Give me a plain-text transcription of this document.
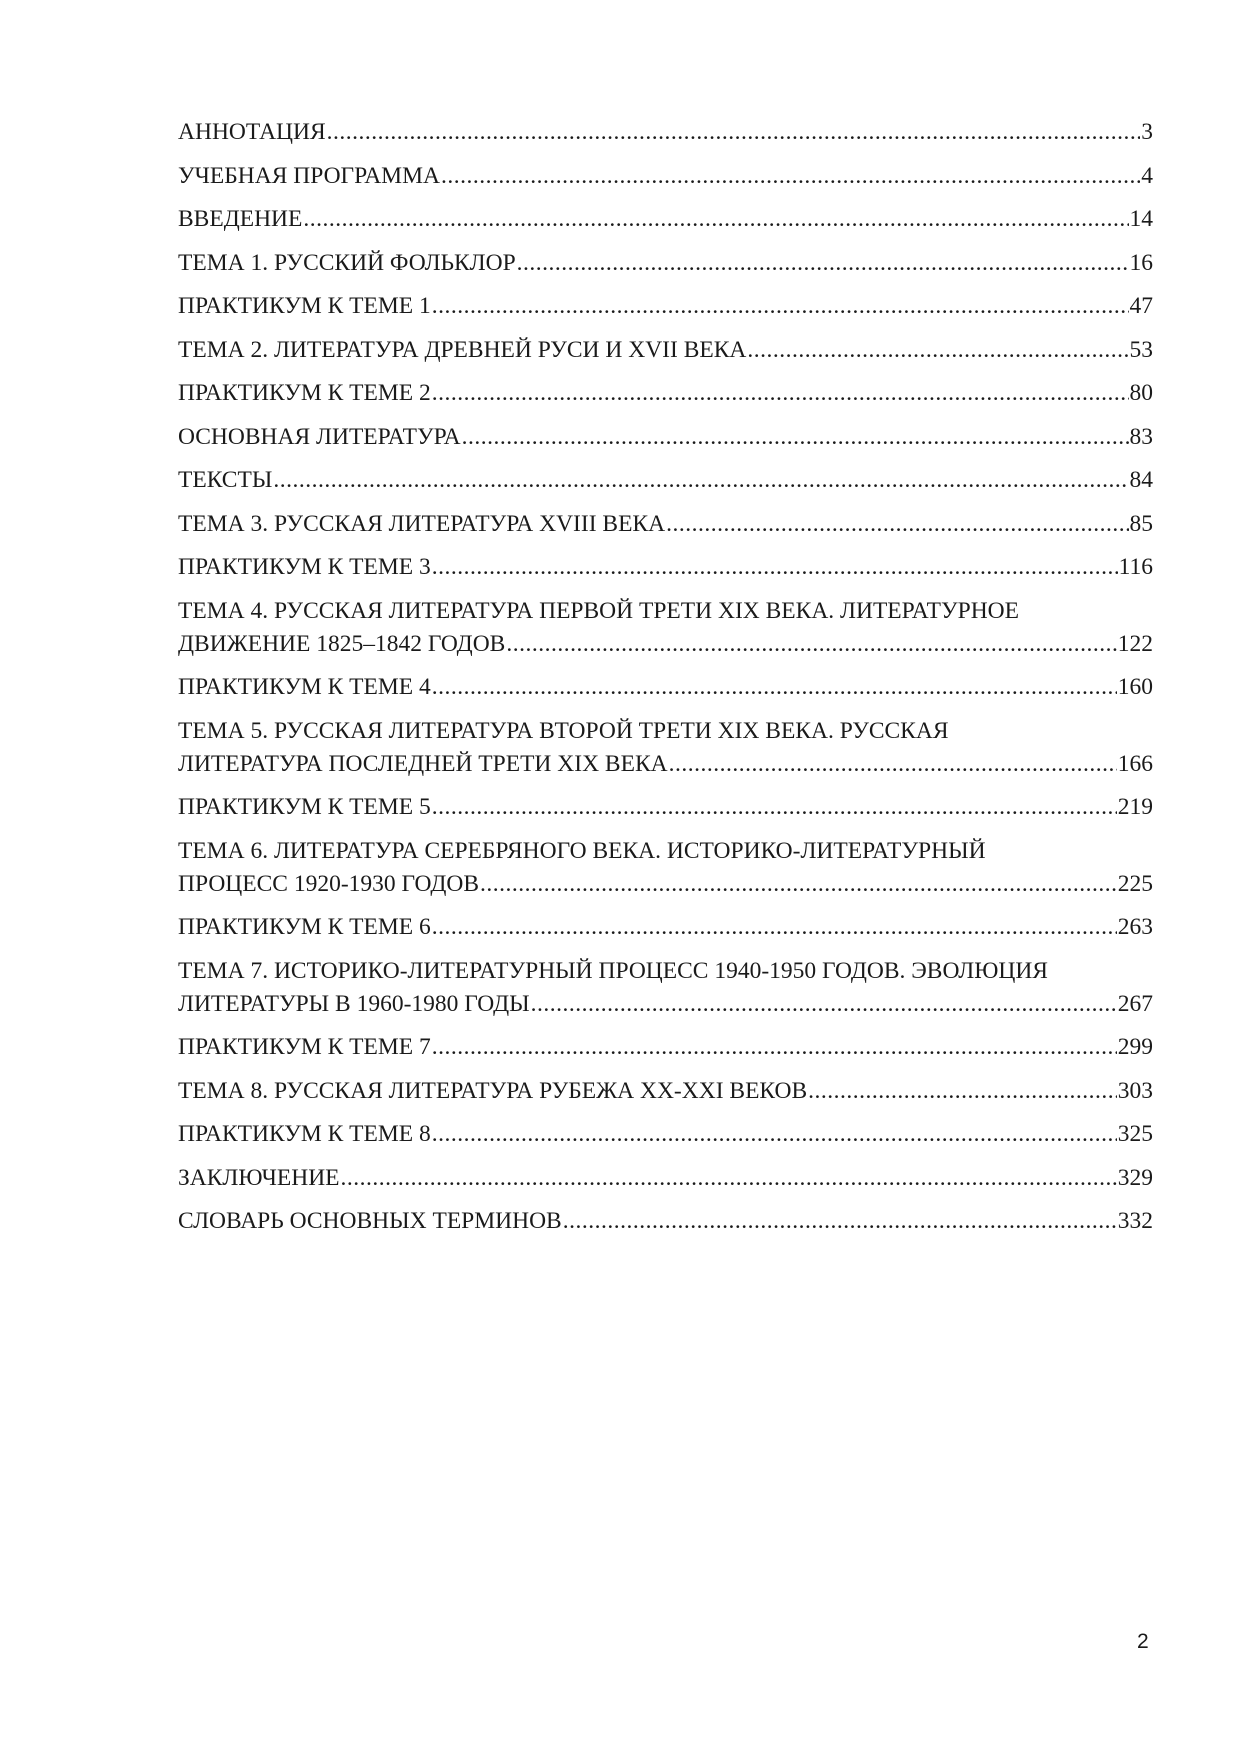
АННОТАЦИЯ .....	3
УЧЕБНАЯ ПРОГРАММА .....	4
ВВЕДЕНИЕ .....	14
ТЕМА 1. РУССКИЙ ФОЛЬКЛОР .....	16
ПРАКТИКУМ К ТЕМЕ 1 .....	47
ТЕМА 2. ЛИТЕРАТУРА ДРЕВНЕЙ РУСИ И XVII ВЕКА .....	53
ПРАКТИКУМ К ТЕМЕ 2 .....	80
ОСНОВНАЯ ЛИТЕРАТУРА .....	83
ТЕКСТЫ .....	84
ТЕМА 3. РУССКАЯ ЛИТЕРАТУРА XVIII ВЕКА .....	85
ПРАКТИКУМ К ТЕМЕ 3 .....	116
ТЕМА 4. РУССКАЯ ЛИТЕРАТУРА ПЕРВОЙ ТРЕТИ XIX ВЕКА. ЛИТЕРАТУРНОЕ
ДВИЖЕНИЕ 1825–1842 ГОДОВ .....	122
ПРАКТИКУМ К ТЕМЕ 4 .....	160
ТЕМА 5. РУССКАЯ ЛИТЕРАТУРА ВТОРОЙ ТРЕТИ XIX ВЕКА. РУССКАЯ
ЛИТЕРАТУРА ПОСЛЕДНЕЙ ТРЕТИ XIX ВЕКА .....	166
ПРАКТИКУМ К ТЕМЕ 5 .....	219
ТЕМА 6. ЛИТЕРАТУРА СЕРЕБРЯНОГО ВЕКА. ИСТОРИКО-ЛИТЕРАТУРНЫЙ
ПРОЦЕСС 1920-1930 ГОДОВ .....	225
ПРАКТИКУМ К ТЕМЕ 6 .....	263
ТЕМА 7. ИСТОРИКО-ЛИТЕРАТУРНЫЙ ПРОЦЕСС 1940-1950 ГОДОВ. ЭВОЛЮЦИЯ
ЛИТЕРАТУРЫ В 1960-1980 ГОДЫ .....	267
ПРАКТИКУМ К ТЕМЕ 7 .....	299
ТЕМА 8. РУССКАЯ ЛИТЕРАТУРА РУБЕЖА XX-XXI ВЕКОВ .....	303
ПРАКТИКУМ К ТЕМЕ 8 .....	325
ЗАКЛЮЧЕНИЕ .....	329
СЛОВАРЬ ОСНОВНЫХ ТЕРМИНОВ .....	332
2
